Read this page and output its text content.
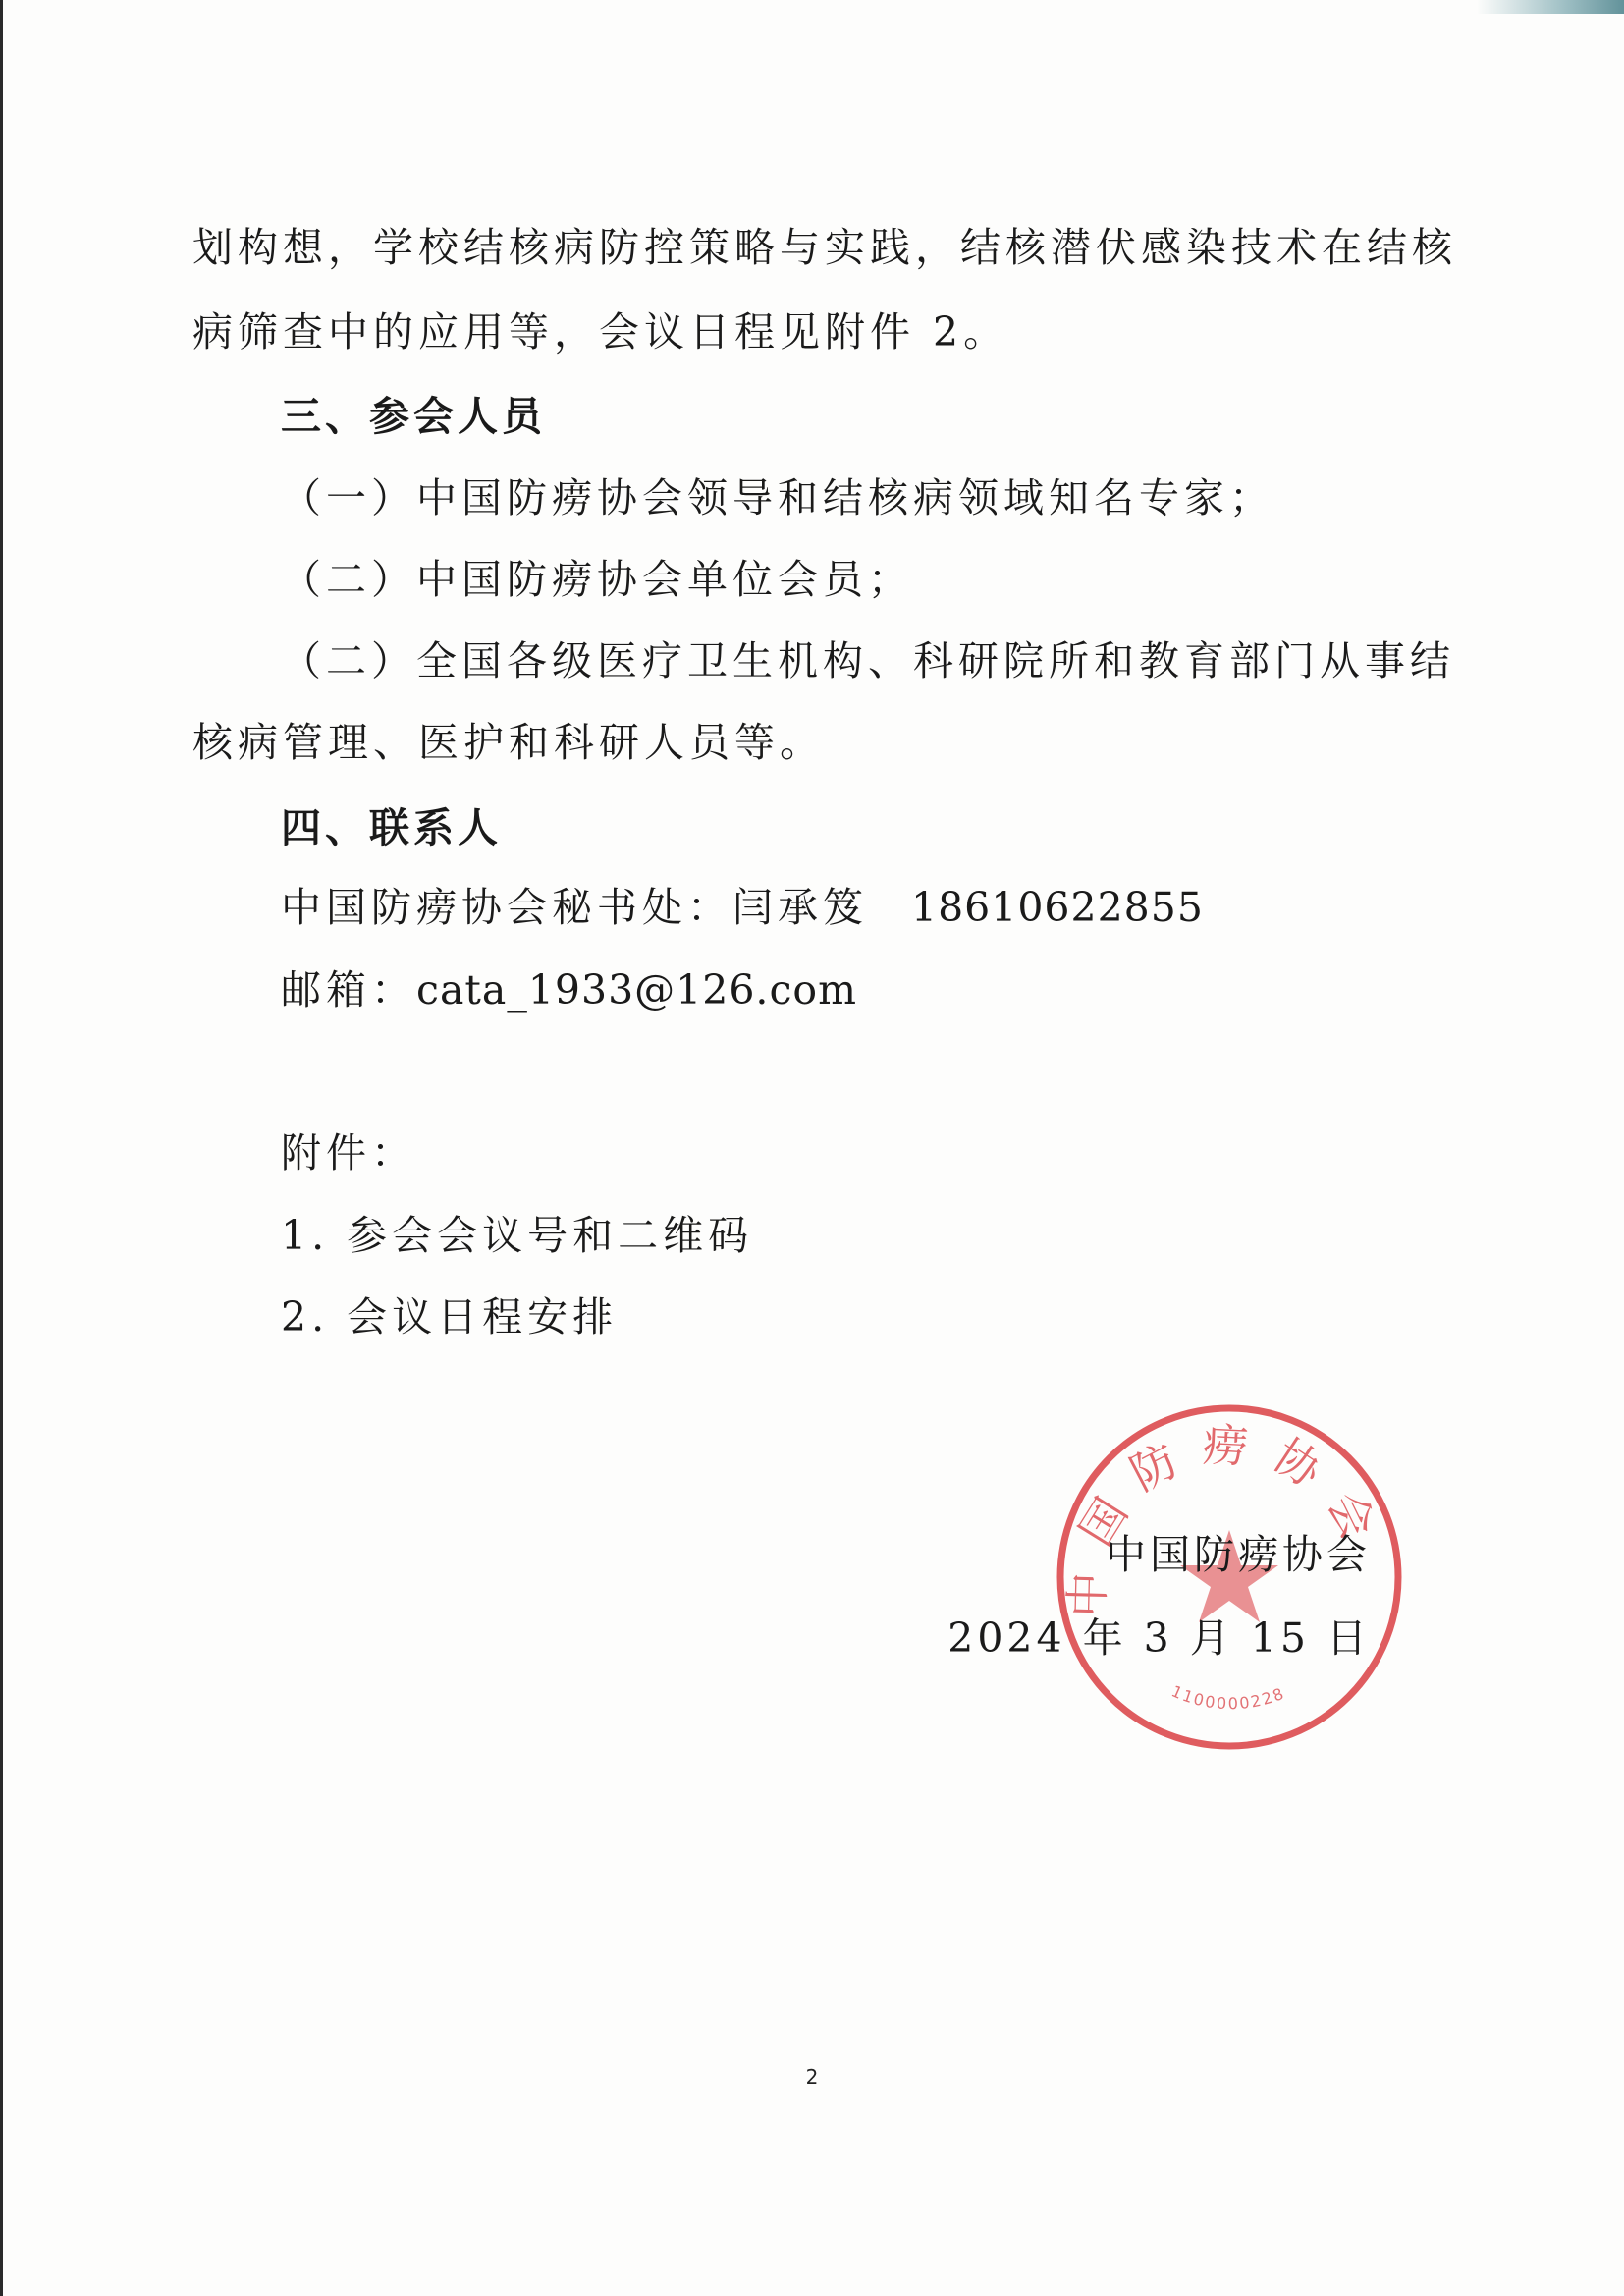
划构想，学校结核病防控策略与实践，结核潜伏感染技术在结核
病筛查中的应用等，会议日程见附件 2。
三、参会人员
（一）中国防痨协会领导和结核病领域知名专家；
（二）中国防痨协会单位会员；
（二）全国各级医疗卫生机构、科研院所和教育部门从事结
核病管理、医护和科研人员等。
四、联系人
中国防痨协会秘书处：闫承笈 18610622855
邮箱：cata_1933@126.com
附件：
1. 参会会议号和二维码
2. 会议日程安排
中国防痨协会
1100000228
中国防痨协会
2024 年 3 月 15 日
2
